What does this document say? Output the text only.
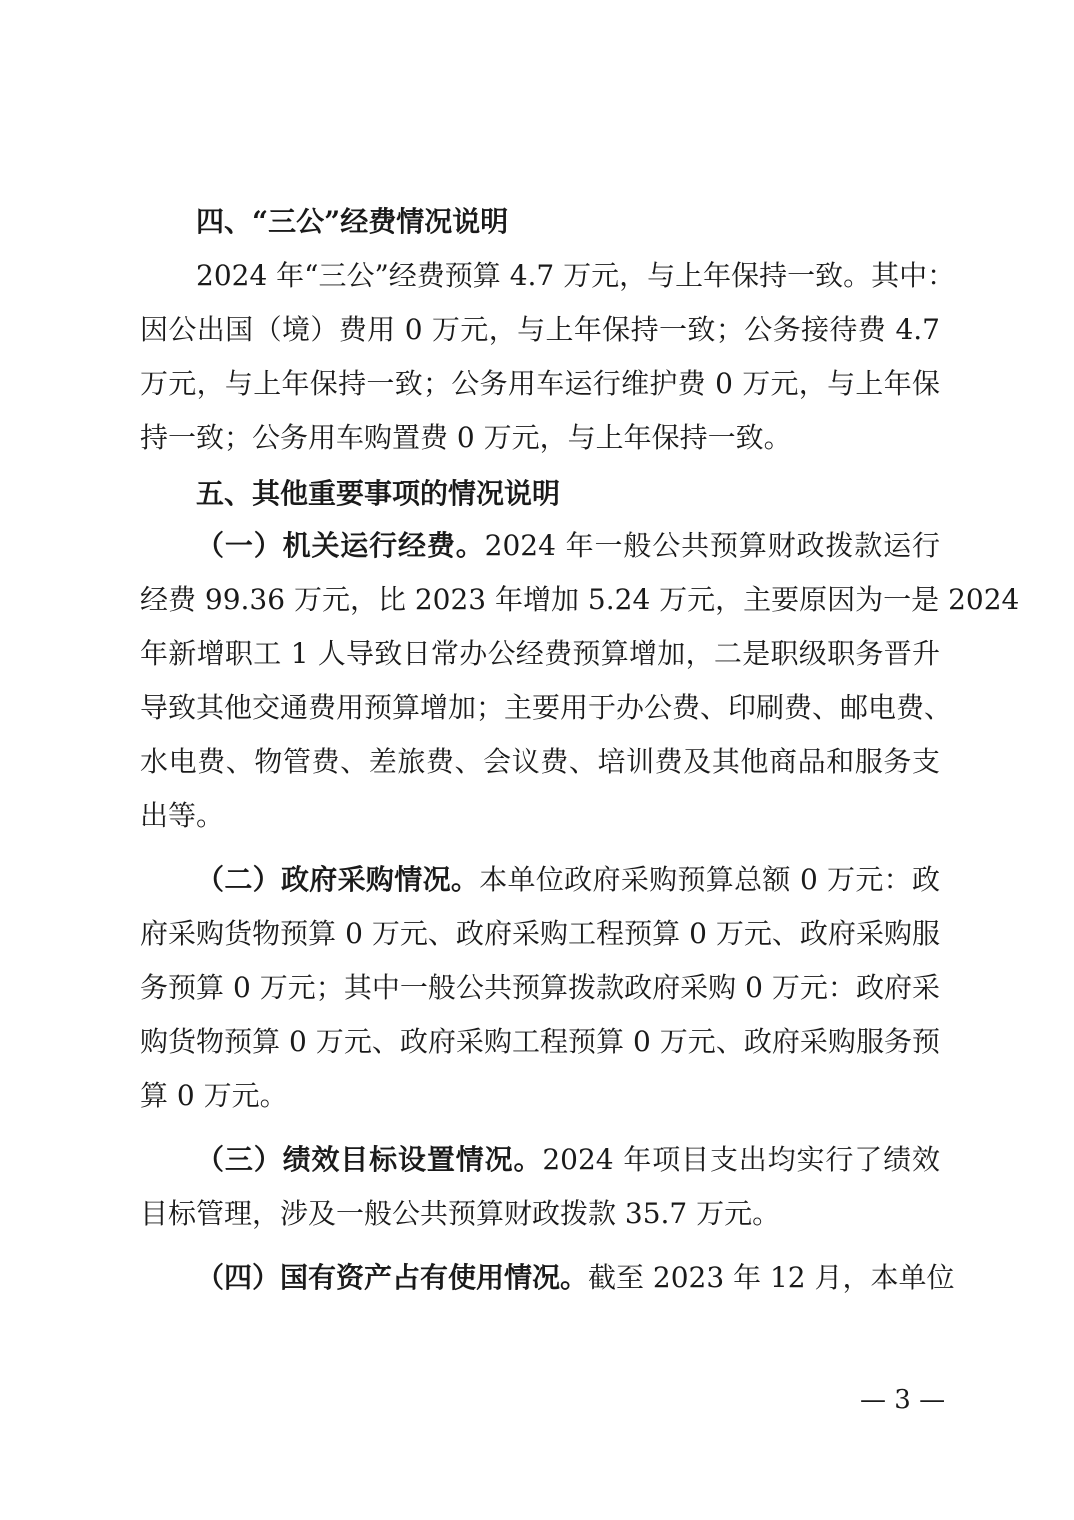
四、“三公”经费情况说明
2024 年“三公”经费预算 4.7 万元，与上年保持一致。其中：
因公出国（境）费用 0 万元，与上年保持一致；公务接待费 4.7
万元，与上年保持一致；公务用车运行维护费 0 万元，与上年保
持一致；公务用车购置费 0 万元，与上年保持一致。
五、其他重要事项的情况说明
（一）机关运行经费。2024 年一般公共预算财政拨款运行
经费 99.36 万元，比 2023 年增加 5.24 万元，主要原因为一是 2024
年新增职工 1 人导致日常办公经费预算增加，二是职级职务晋升
导致其他交通费用预算增加；主要用于办公费、印刷费、邮电费、
水电费、物管费、差旅费、会议费、培训费及其他商品和服务支
出等。
（二）政府采购情况。本单位政府采购预算总额 0 万元：政
府采购货物预算 0 万元、政府采购工程预算 0 万元、政府采购服
务预算 0 万元；其中一般公共预算拨款政府采购 0 万元：政府采
购货物预算 0 万元、政府采购工程预算 0 万元、政府采购服务预
算 0 万元。
（三）绩效目标设置情况。2024 年项目支出均实行了绩效
目标管理，涉及一般公共预算财政拨款 35.7 万元。
（四）国有资产占有使用情况。截至 2023 年 12 月，本单位
— 3 —
